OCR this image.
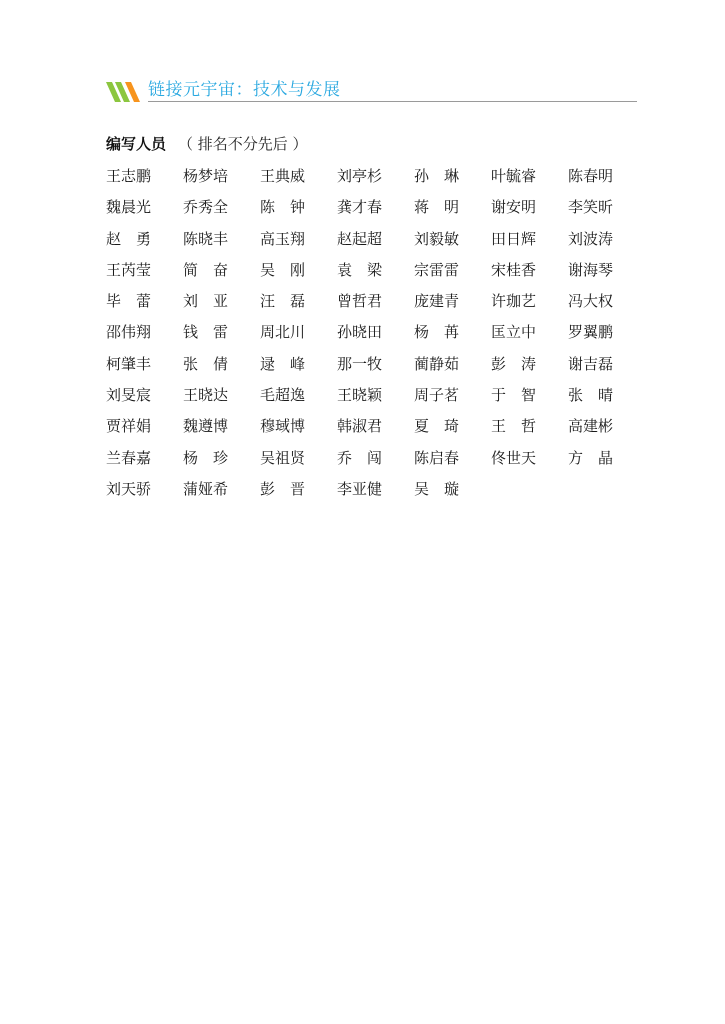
链接元宇宙：技术与发展
编写人员 （ 排名不分先后 ）
王志鹏	杨梦培	王典威	刘亭杉	孙　琳	叶毓睿	陈春明
魏晨光	乔秀全	陈　钟	龚才春	蒋　明	谢安明	李笑昕
赵　勇	陈晓丰	高玉翔	赵起超	刘毅敏	田日辉	刘波涛
王芮莹	简　奋	吴　刚	袁　梁	宗雷雷	宋桂香	谢海琴
毕　蕾	刘　亚	汪　磊	曾哲君	庞建青	许珈艺	冯大权
邵伟翔	钱　雷	周北川	孙晓田	杨　苒	匡立中	罗翼鹏
柯肇丰	张　倩	逯　峰	那一牧	蔺静茹	彭　涛	谢吉磊
刘旻宸	王晓达	毛超逸	王晓颖	周子茗	于　智	张　晴
贾祥娟	魏遵博	穆琙博	韩淑君	夏　琦	王　哲	高建彬
兰春嘉	杨　珍	吴祖贤	乔　闯	陈启春	佟世天	方　晶
刘天骄	蒲娅希	彭　晋	李亚健	吴　璇
